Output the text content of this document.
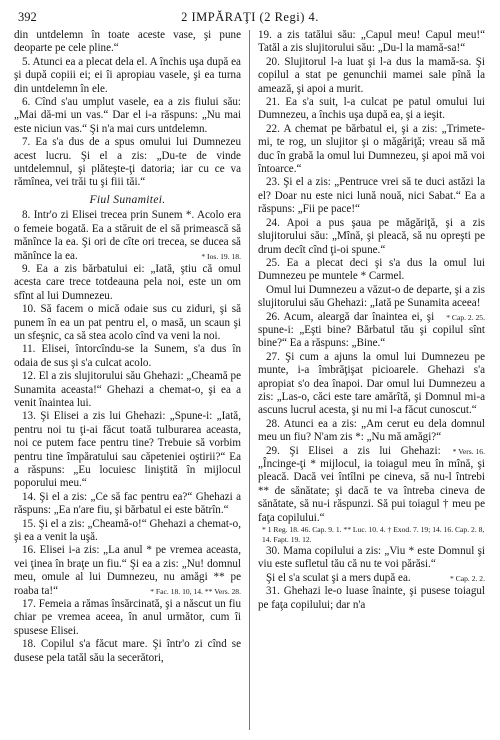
392	2 IMPĂRAŢI (2 Regi) 4.

din untdelemn în toate aceste vase, şi pune deoparte pe cele pline.“

5. Atunci ea a plecat dela el. A închis uşa după ea şi după copiii ei; ei îi apropiau vasele, şi ea turna din untdelemn în ele.

6. Cînd s'au umplut vasele, ea a zis fiului său: „Mai dă-mi un vas.“ Dar el i-a răspuns: „Nu mai este niciun vas.“ Şi n'a mai curs untdelemn.

7. Ea s'a dus de a spus omului lui Dumnezeu acest lucru. Şi el a zis: „Du-te de vinde untdelemnul, şi plăteşte-ţi datoria; iar cu ce va rămînea, vei trăi tu şi fiii tăi.“

Fiul Sunamitei.

8. Intr'o zi Elisei trecea prin Sunem *. Acolo era o femeie bogată. Ea a stăruit de el să primească să mănînce la ea. Şi ori de cîte ori trecea, se ducea să mănînce la ea.	* Ios. 19. 18.

9. Ea a zis bărbatului ei: „Iată, ştiu că omul acesta care trece totdeauna pela noi, este un om sfînt al lui Dumnezeu.

10. Să facem o mică odaie sus cu ziduri, şi să punem în ea un pat pentru el, o masă, un scaun şi un sfeşnic, ca să stea acolo cînd va veni la noi.

11. Elisei, întorcîndu-se la Sunem, s'a dus în odaia de sus şi s'a culcat acolo.

12. El a zis slujitorului său Ghehazi: „Cheamă pe Sunamita aceasta!“ Ghehazi a chemat-o, şi ea a venit înaintea lui.

13. Şi Elisei a zis lui Ghehazi: „Spune-i: „Iată, pentru noi tu ţi-ai făcut toată tulburarea aceasta, noi ce putem face pentru tine? Trebuie să vorbim pentru tine împăratului sau căpeteniei oştirii?“ Ea a răspuns: „Eu locuiesc liniştită în mijlocul poporului meu.“

14. Şi el a zis: „Ce să fac pentru ea?“ Ghehazi a răspuns: „Ea n'are fiu, şi bărbatul ei este bătrîn.“

15. Şi el a zis: „Cheamă-o!“ Ghehazi a chemat-o, şi ea a venit la uşă.

16. Elisei i-a zis: „La anul * pe vremea aceasta, vei ţinea în braţe un fiu.“ Şi ea a zis: „Nu! domnul meu, omule al lui Dumnezeu, nu amăgi ** pe roaba ta!“	* Fac. 18. 10, 14. ** Vers. 28.

17. Femeia a rămas însărcinată, şi a născut un fiu chiar pe vremea aceea, în anul următor, cum îi spusese Elisei.

18. Copilul s'a făcut mare. Şi într'o zi cînd se dusese pela tatăl său la secerători,

19. a zis tatălui său: „Capul meu! Capul meu!“ Tatăl a zis slujitorului său: „Du-l la mamă-sa!“

20. Slujitorul l-a luat şi l-a dus la mamă-sa. Şi copilul a stat pe genunchii mamei sale pînă la amează, şi apoi a murit.

21. Ea s'a suit, l-a culcat pe patul omului lui Dumnezeu, a închis uşa după ea, şi a ieşit.

22. A chemat pe bărbatul ei, şi a zis: „Trimete-mi, te rog, un slujitor şi o măgăriţă; vreau să mă duc în grabă la omul lui Dumnezeu, şi apoi mă voi întoarce.“

23. Şi el a zis: „Pentruce vrei să te duci astăzi la el? Doar nu este nici lună nouă, nici Sabat.“ Ea a răspuns: „Fii pe pace!“

24. Apoi a pus şaua pe măgăriţă, şi a zis slujitorului său: „Mînă, şi pleacă, să nu opreşti pe drum decît cînd ţi-oi spune.“

25. Ea a plecat deci şi s'a dus la omul lui Dumnezeu pe muntele * Carmel.

Omul lui Dumnezeu a văzut-o de departe, şi a zis slujitorului său Ghehazi: „Iată pe Sunamita aceea!
* Cap. 2. 25.

26. Acum, aleargă dar înaintea ei, şi spune-i: „Eşti bine? Bărbatul tău şi copilul sînt bine?“ Ea a răspuns: „Bine.“

27. Şi cum a ajuns la omul lui Dumnezeu pe munte, i-a îmbrăţişat picioarele. Ghehazi s'a apropiat s'o dea înapoi. Dar omul lui Dumnezeu a zis: „Las-o, căci este tare amărîtă, şi Domnul mi-a ascuns lucrul acesta, şi nu mi l-a făcut cunoscut.“

28. Atunci ea a zis: „Am cerut eu dela domnul meu un fiu? N'am zis *: „Nu mă amăgi?“
* Vers. 16.

29. Şi Elisei a zis lui Ghehazi: „Încinge-ţi * mijlocul, ia toiagul meu în mînă, şi pleacă. Dacă vei întîlni pe cineva, să nu-l întrebi ** de sănătate; şi dacă te va întreba cineva de sănătate, să nu-i răspunzi. Să pui toiagul † meu pe faţa copilului.“
* 1 Reg. 18. 46. Cap. 9. 1. ** Luc. 10. 4. † Exod. 7. 19; 14. 16. Cap. 2. 8, 14. Fapt. 19. 12.

30. Mama copilului a zis: „Viu * este Domnul şi viu este sufletul tău că nu te voi părăsi.“

Şi el s'a sculat şi a mers după ea.	* Cap. 2. 2.

31. Ghehazi le-o luase înainte, şi pusese toiagul pe faţa copilului; dar n'a
